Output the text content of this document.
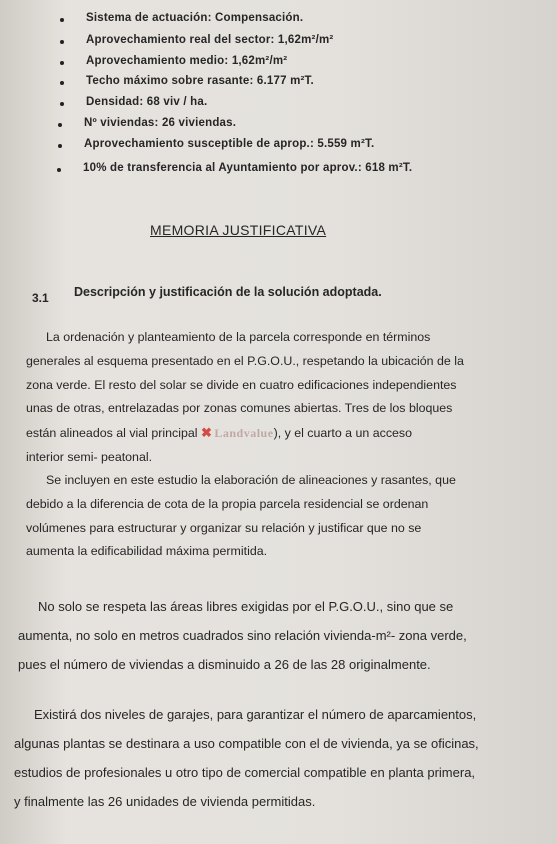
Sistema de actuación: Compensación.
Aprovechamiento real del sector: 1,62m²/m²
Aprovechamiento medio: 1,62m²/m²
Techo máximo sobre rasante: 6.177 m²T.
Densidad: 68 viv / ha.
Nº viviendas: 26 viviendas.
Aprovechamiento susceptible de aprop.: 5.559 m²T.
10% de transferencia al Ayuntamiento por aprov.: 618 m²T.
MEMORIA JUSTIFICATIVA
3.1 Descripción y justificación de la solución adoptada.
La ordenación y planteamiento de la parcela corresponde en términos
generales al esquema presentado en el P.G.O.U., respetando la ubicación de la
zona verde. El resto del solar se divide en cuatro edificaciones independientes
unas de otras, entrelazadas por zonas comunes abiertas. Tres de los bloques
están alineados al vial principal ✖ Landvalue), y el cuarto a un acceso
interior semi- peatonal.
Se incluyen en este estudio la elaboración de alineaciones y rasantes, que
debido a la diferencia de cota de la propia parcela residencial se ordenan
volúmenes para estructurar y organizar su relación y justificar que no se
aumenta la edificabilidad máxima permitida.
No solo se respeta las áreas libres exigidas por el P.G.O.U., sino que se
aumenta, no solo en metros cuadrados sino relación vivienda-m²- zona verde,
pues el número de viviendas a disminuido a 26 de las 28 originalmente.
Existirá dos niveles de garajes, para garantizar el número de aparcamientos,
algunas plantas se destinara a uso compatible con el de vivienda, ya se oficinas,
estudios de profesionales u otro tipo de comercial compatible en planta primera,
y finalmente las 26 unidades de vivienda permitidas.
